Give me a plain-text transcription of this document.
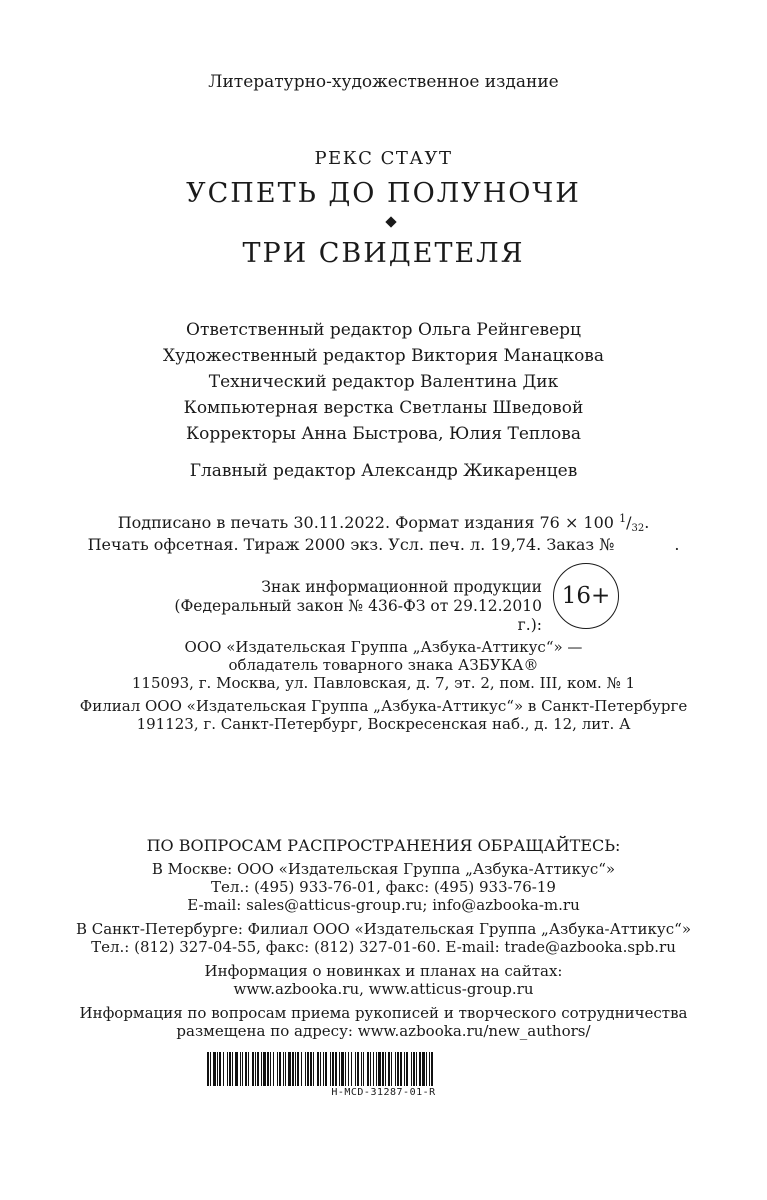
Литературно-художественное издание
РЕКС СТАУТ
УСПЕТЬ ДО ПОЛУНОЧИ
ТРИ СВИДЕТЕЛЯ
Ответственный редактор Ольга Рейнгеверц
Художественный редактор Виктория Манацкова
Технический редактор Валентина Дик
Компьютерная верстка Светланы Шведовой
Корректоры Анна Быстрова, Юлия Теплова
Главный редактор Александр Жикаренцев
Подписано в печать 30.11.2022. Формат издания 76 × 100 $^1/_{32}$.
Печать офсетная. Тираж 2000 экз. Усл. печ. л. 19,74. Заказ №	.
Знак информационной продукции
(Федеральный закон № 436-ФЗ от 29.12.2010 г.):
16+
ООО «Издательская Группа „Азбука-Аттикус“» —
обладатель товарного знака АЗБУКА®
115093, г. Москва, ул. Павловская, д. 7, эт. 2, пом. III, ком. № 1
Филиал ООО «Издательская Группа „Азбука-Аттикус“» в Санкт-Петербурге
191123, г. Санкт-Петербург, Воскресенская наб., д. 12, лит. А
ПО ВОПРОСАМ РАСПРОСТРАНЕНИЯ ОБРАЩАЙТЕСЬ:
В Москве: ООО «Издательская Группа „Азбука-Аттикус“»
Тел.: (495) 933-76-01, факс: (495) 933-76-19
E-mail: sales@atticus-group.ru; info@azbooka-m.ru
В Санкт-Петербурге: Филиал ООО «Издательская Группа „Азбука-Аттикус“»
Тел.: (812) 327-04-55, факс: (812) 327-01-60. E-mail: trade@azbooka.spb.ru
Информация о новинках и планах на сайтах:
www.azbooka.ru, www.atticus-group.ru
Информация по вопросам приема рукописей и творческого сотрудничества
размещена по адресу: www.azbooka.ru/new_authors/
H-MCD-31287-01-R
